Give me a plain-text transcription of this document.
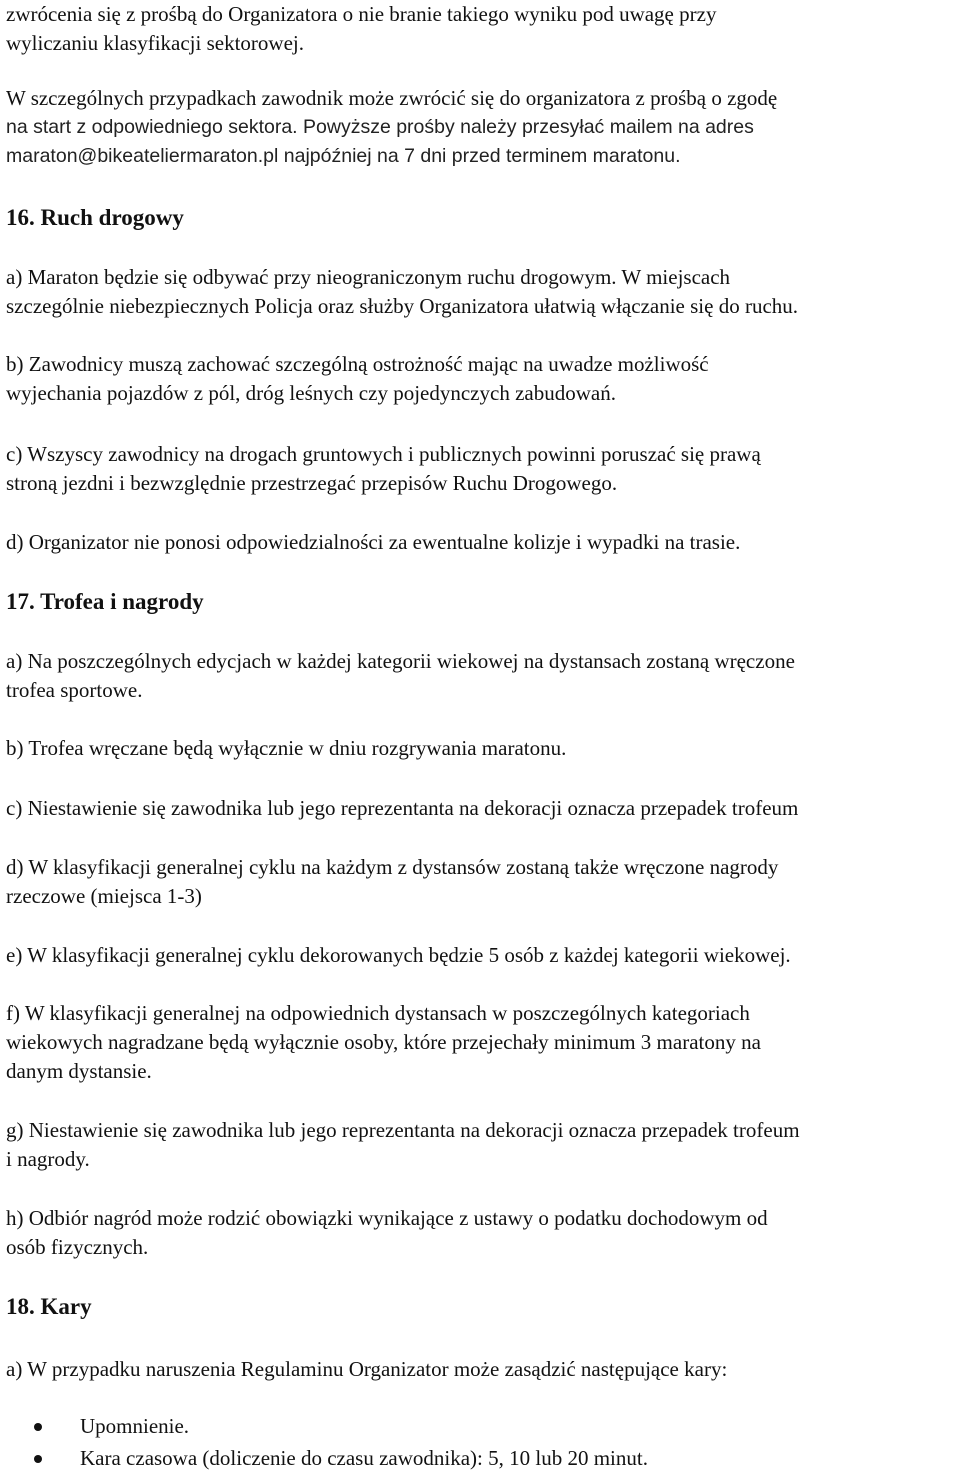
zwrócenia się z prośbą do Organizatora o nie branie takiego wyniku pod uwagę przy
wyliczaniu klasyfikacji sektorowej.

W szczególnych przypadkach zawodnik może zwrócić się do organizatora z prośbą o zgodę
na start z odpowiedniego sektora. Powyższe prośby należy przesyłać mailem na adres
maraton@bikeateliermaraton.pl najpóźniej na 7 dni przed terminem maratonu.

16. Ruch drogowy

a) Maraton będzie się odbywać przy nieograniczonym ruchu drogowym. W miejscach
szczególnie niebezpiecznych Policja oraz służby Organizatora ułatwią włączanie się do ruchu.

b) Zawodnicy muszą zachować szczególną ostrożność mając na uwadze możliwość
wyjechania pojazdów z pól, dróg leśnych czy pojedynczych zabudowań.

c) Wszyscy zawodnicy na drogach gruntowych i publicznych powinni poruszać się prawą
stroną jezdni i bezwzględnie przestrzegać przepisów Ruchu Drogowego.

d) Organizator nie ponosi odpowiedzialności za ewentualne kolizje i wypadki na trasie.

17. Trofea i nagrody

a) Na poszczególnych edycjach w każdej kategorii wiekowej na dystansach zostaną wręczone
trofea sportowe.

b) Trofea wręczane będą wyłącznie w dniu rozgrywania maratonu.

c) Niestawienie się zawodnika lub jego reprezentanta na dekoracji oznacza przepadek trofeum

d) W klasyfikacji generalnej cyklu na każdym z dystansów zostaną także wręczone nagrody
rzeczowe (miejsca 1-3)

e) W klasyfikacji generalnej cyklu dekorowanych będzie 5 osób z każdej kategorii wiekowej.

f) W klasyfikacji generalnej na odpowiednich dystansach w poszczególnych kategoriach
wiekowych nagradzane będą wyłącznie osoby, które przejechały minimum 3 maratony na
danym dystansie.

g) Niestawienie się zawodnika lub jego reprezentanta na dekoracji oznacza przepadek trofeum
i nagrody.

h) Odbiór nagród może rodzić obowiązki wynikające z ustawy o podatku dochodowym od
osób fizycznych.

18. Kary

a) W przypadku naruszenia Regulaminu Organizator może zasądzić następujące kary:

Upomnienie.
Kara czasowa (doliczenie do czasu zawodnika): 5, 10 lub 20 minut.
